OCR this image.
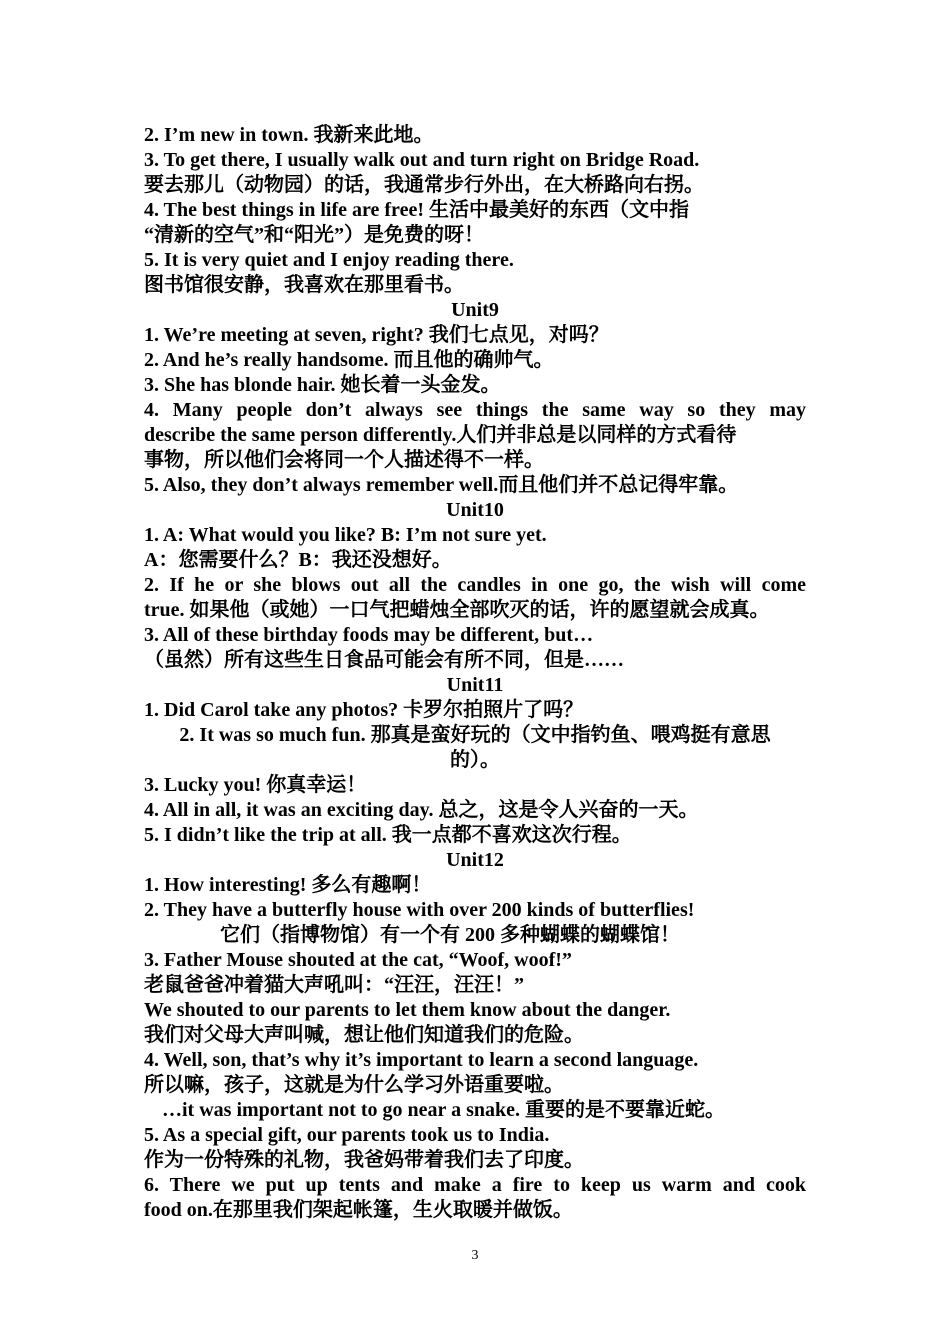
2. I’m new in town. 我新来此地。
3. To get there, I usually walk out and turn right on Bridge Road.
要去那儿（动物园）的话，我通常步行外出，在大桥路向右拐。
4. The best things in life are free! 生活中最美好的东西（文中指
“清新的空气”和“阳光”）是免费的呀！
5. It is very quiet and I enjoy reading there.
图书馆很安静，我喜欢在那里看书。
Unit9
1. We’re meeting at seven, right? 我们七点见，对吗？
2. And he’s really handsome. 而且他的确帅气。
3. She has blonde hair. 她长着一头金发。
4. Many people don’t always see things the same way so they may
describe the same person differently.人们并非总是以同样的方式看待
事物，所以他们会将同一个人描述得不一样。
5. Also, they don’t always remember well.而且他们并不总记得牢靠。
Unit10
1. A: What would you like? B: I’m not sure yet.
A：您需要什么？B：我还没想好。
2. If he or she blows out all the candles in one go, the wish will come
true. 如果他（或她）一口气把蜡烛全部吹灭的话，许的愿望就会成真。
3. All of these birthday foods may be different, but…
（虽然）所有这些生日食品可能会有所不同，但是……
Unit11
1. Did Carol take any photos? 卡罗尔拍照片了吗？
2. It was so much fun. 那真是蛮好玩的（文中指钓鱼、喂鸡挺有意思
的）。
3. Lucky you! 你真幸运！
4. All in all, it was an exciting day. 总之，这是令人兴奋的一天。
5. I didn’t like the trip at all. 我一点都不喜欢这次行程。
Unit12
1. How interesting! 多么有趣啊！
2. They have a butterfly house with over 200 kinds of butterflies!
它们（指博物馆）有一个有 200 多种蝴蝶的蝴蝶馆！
3. Father Mouse shouted at the cat, “Woof, woof!”
老鼠爸爸冲着猫大声吼叫：“汪汪，汪汪！”
We shouted to our parents to let them know about the danger.
我们对父母大声叫喊，想让他们知道我们的危险。
4. Well, son, that’s why it’s important to learn a second language.
所以嘛，孩子，这就是为什么学习外语重要啦。
…it was important not to go near a snake. 重要的是不要靠近蛇。
5. As a special gift, our parents took us to India.
作为一份特殊的礼物，我爸妈带着我们去了印度。
6. There we put up tents and make a fire to keep us warm and cook
food on.在那里我们架起帐篷，生火取暖并做饭。
3
